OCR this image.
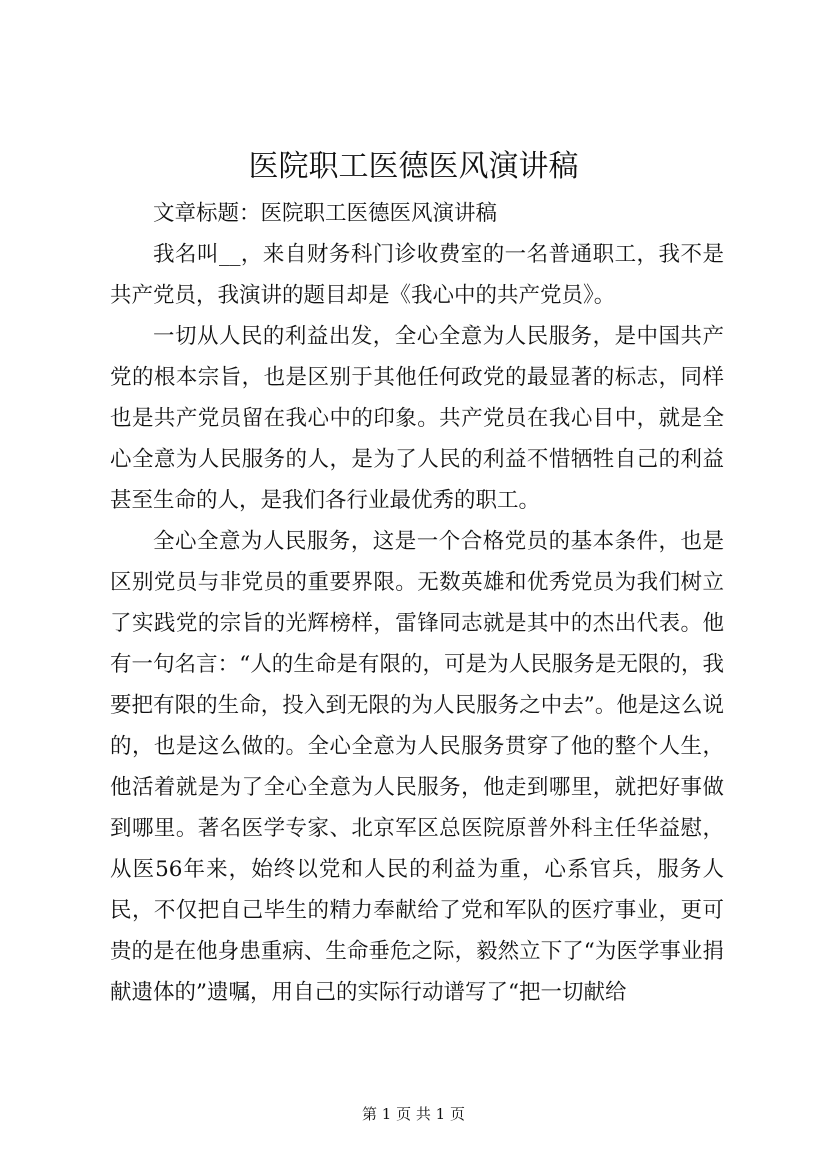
医院职工医德医风演讲稿

文章标题：医院职工医德医风演讲稿

我名叫__，来自财务科门诊收费室的一名普通职工，我不是共产党员，我演讲的题目却是《我心中的共产党员》。

一切从人民的利益出发，全心全意为人民服务，是中国共产党的根本宗旨，也是区别于其他任何政党的最显著的标志，同样也是共产党员留在我心中的印象。共产党员在我心目中，就是全心全意为人民服务的人，是为了人民的利益不惜牺牲自己的利益甚至生命的人，是我们各行业最优秀的职工。

全心全意为人民服务，这是一个合格党员的基本条件，也是区别党员与非党员的重要界限。无数英雄和优秀党员为我们树立了实践党的宗旨的光辉榜样，雷锋同志就是其中的杰出代表。他有一句名言：“人的生命是有限的，可是为人民服务是无限的，我要把有限的生命，投入到无限的为人民服务之中去”。他是这么说的，也是这么做的。全心全意为人民服务贯穿了他的整个人生，他活着就是为了全心全意为人民服务，他走到哪里，就把好事做到哪里。著名医学专家、北京军区总医院原普外科主任华益慰，从医56年来，始终以党和人民的利益为重，心系官兵，服务人民，不仅把自己毕生的精力奉献给了党和军队的医疗事业，更可贵的是在他身患重病、生命垂危之际，毅然立下了“为医学事业捐献遗体的”遗嘱，用自己的实际行动谱写了“把一切献给

第 1 页 共 1 页
